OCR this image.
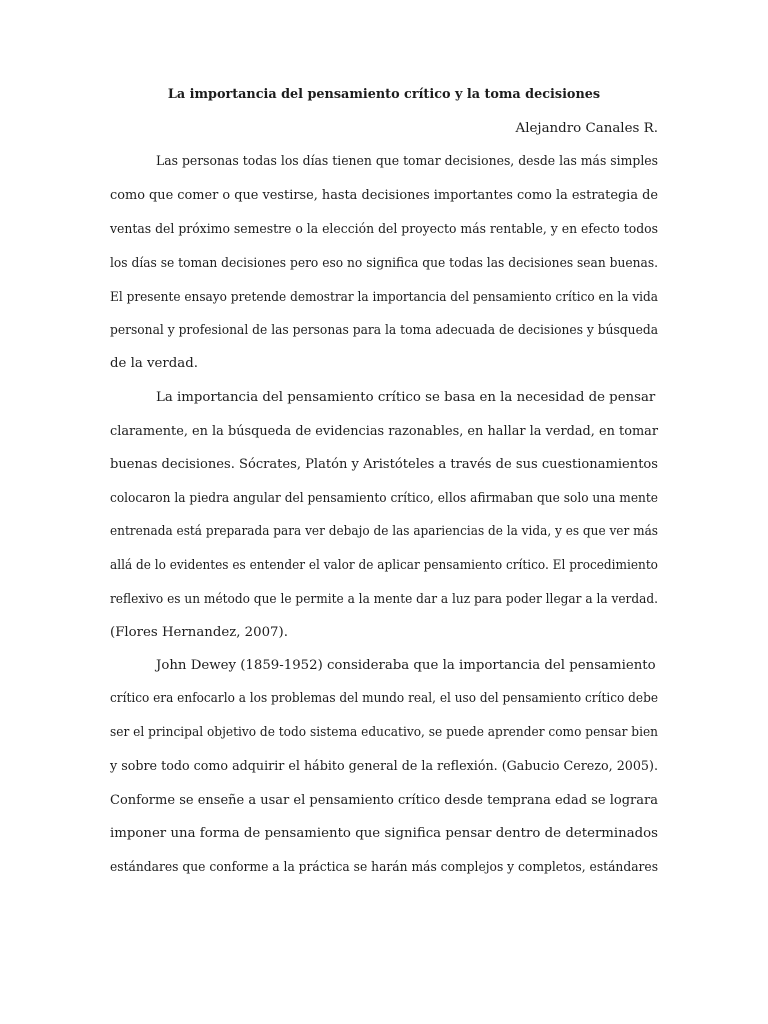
La importancia del pensamiento crítico y la toma decisiones
Alejandro Canales R.
Las personas todas los días tienen que tomar decisiones, desde las más simples
como que comer o que vestirse, hasta decisiones importantes como la estrategia de
ventas del próximo semestre o la elección del proyecto más rentable, y en efecto todos
los días se toman decisiones pero eso no significa que todas las decisiones sean buenas.
El presente ensayo pretende demostrar la importancia del pensamiento crítico en la vida
personal y profesional de las personas para la toma adecuada de decisiones y búsqueda
de la verdad.
La importancia del pensamiento crítico se basa en la necesidad de pensar
claramente, en la búsqueda de evidencias razonables, en hallar la verdad, en tomar
buenas decisiones. Sócrates, Platón y Aristóteles a través de sus cuestionamientos
colocaron la piedra angular del pensamiento crítico, ellos afirmaban que solo una mente
entrenada está preparada para ver debajo de las apariencias de la vida, y es que ver más
allá de lo evidentes es entender el valor de aplicar pensamiento crítico. El procedimiento
reflexivo es un método que le permite a la mente dar a luz para poder llegar a la verdad.
(Flores Hernandez, 2007).
John Dewey (1859-1952) consideraba que la importancia del pensamiento
crítico era enfocarlo a los problemas del mundo real, el uso del pensamiento crítico debe
ser el principal objetivo de todo sistema educativo, se puede aprender como pensar bien
y sobre todo como adquirir el hábito general de la reflexión. (Gabucio Cerezo, 2005).
Conforme se enseñe a usar el pensamiento crítico desde temprana edad se lograra
imponer una forma de pensamiento que significa pensar dentro de determinados
estándares que conforme a la práctica se harán más complejos y completos, estándares
